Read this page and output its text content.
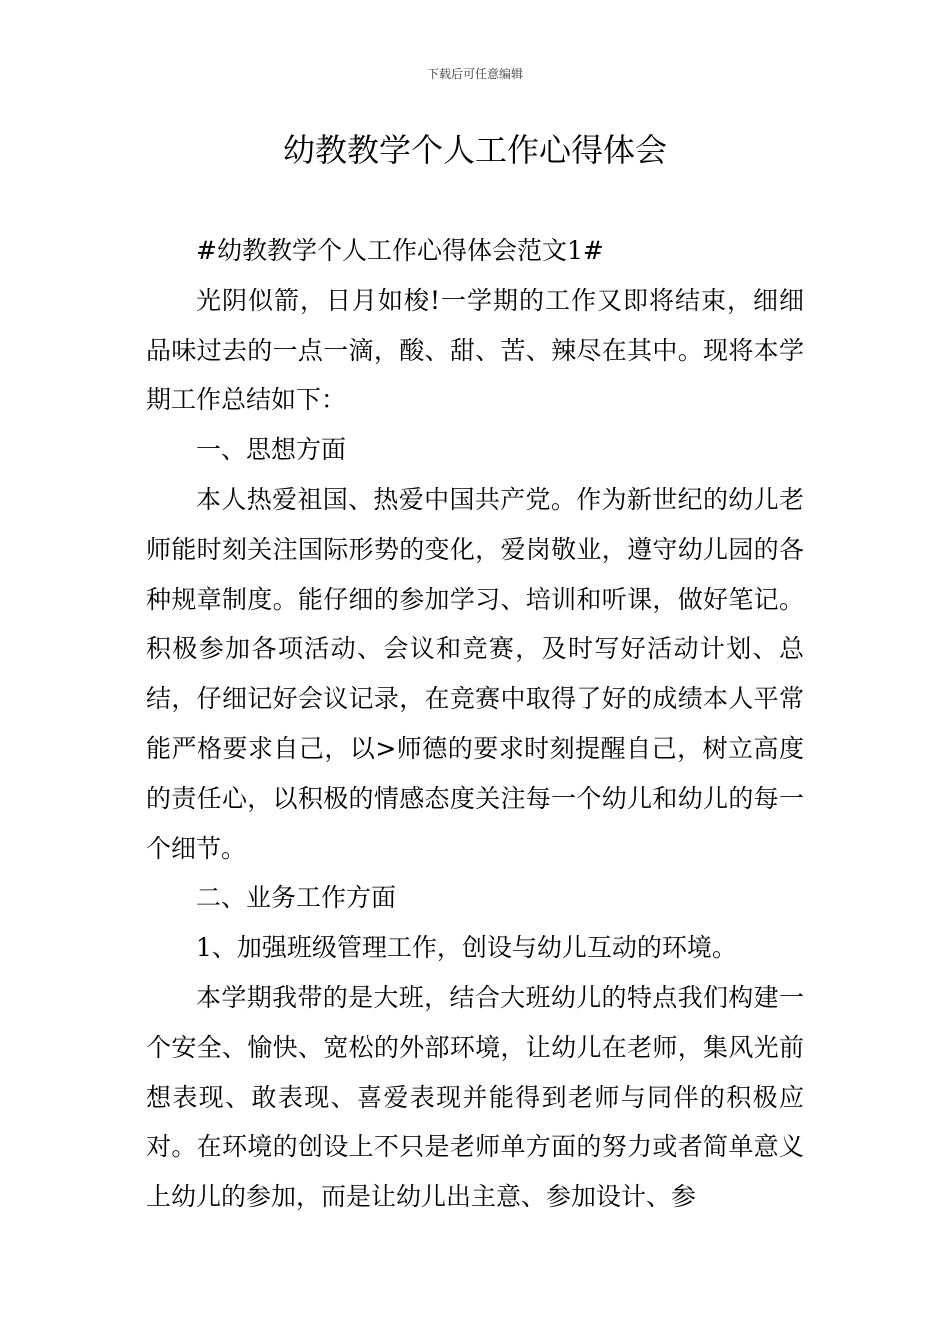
下载后可任意编辑
幼教教学个人工作心得体会

#幼教教学个人工作心得体会范文1#

光阴似箭，日月如梭!一学期的工作又即将结束，细细品味过去的一点一滴，酸、甜、苦、辣尽在其中。现将本学期工作总结如下：

一、思想方面

本人热爱祖国、热爱中国共产党。作为新世纪的幼儿老师能时刻关注国际形势的变化，爱岗敬业，遵守幼儿园的各种规章制度。能仔细的参加学习、培训和听课，做好笔记。积极参加各项活动、会议和竞赛，及时写好活动计划、总结，仔细记好会议记录，在竞赛中取得了好的成绩本人平常能严格要求自己，以>师德的要求时刻提醒自己，树立高度的责任心，以积极的情感态度关注每一个幼儿和幼儿的每一个细节。

二、业务工作方面

1、加强班级管理工作，创设与幼儿互动的环境。

本学期我带的是大班，结合大班幼儿的特点我们构建一个安全、愉快、宽松的外部环境，让幼儿在老师，集风光前想表现、敢表现、喜爱表现并能得到老师与同伴的积极应对。在环境的创设上不只是老师单方面的努力或者简单意义上幼儿的参加，而是让幼儿出主意、参加设计、参
